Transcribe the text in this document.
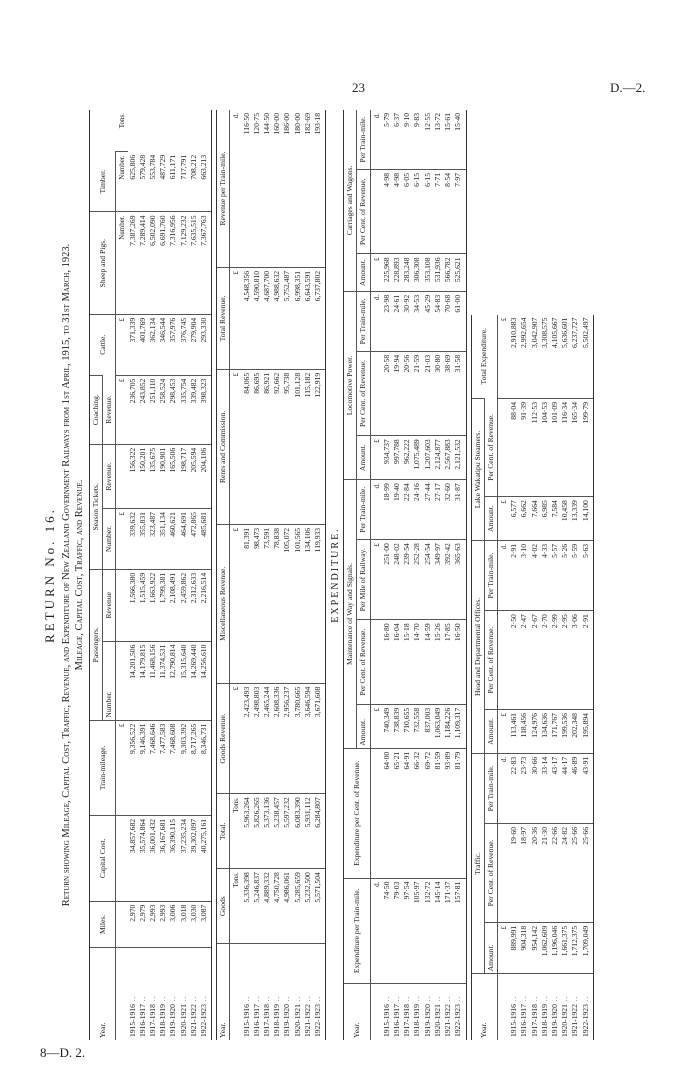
23	D.—2.
8—D. 2.
RETURN No. 16. Return showing Mileage, Capital Cost, Traffic, Revenue, and Expenditure of New Zealand Government Railways from 1st April, 1915, to 31st March, 1923. Mileage, Capital Cost, Traffic, and Revenue.
Year.	Miles.	Capital Cost.	Train-mileage.	Passengers.		Season Tickets.		Coaching.	Cattle.	Sheep and Pigs.	Timber.	
				Number.	Revenue	Number.	Revenue.	Revenue.				
			£			£		£	£	Number.	Number.	Tons.
1915-1916 ..	2,970	34,857,682	9,356,522	14,201,506	1,566,380	339,632	156,322	236,705	371,339	7,387,269	625,806	
1916-1917 ..	2,979	35,574,864	9,146,391	14,179,815	1,515,459	355,831	150,201	243,852	401,769	7,289,414	579,428	
1917-1918 ..	2,993	36,001,432	7,468,646	11,468,156	1,663,922	323,487	135,675	251,110	362,134	6,502,090	553,784	
1918-1919 ..	2,993	36,167,681	7,477,583	11,374,531	1,799,381	351,134	190,901	258,524	346,544	6,691,760	487,729	
1919-1920 ..	3,006	36,390,115	7,468,608	12,790,814	2,108,491	460,621	165,506	298,453	357,976	7,316,956	611,171	
1920-1921 ..	3,018	37,235,234	9,303,392	15,315,640	2,459,862	464,691	198,717	335,754	376,745	7,129,232	717,791	
1921-1922 ..	3,030	39,302,097	8,717,265	14,269,440	2,312,633	472,865	205,594	339,482	279,904	7,635,515	708,212	
1922-1923 ..	3,087	40,275,161	8,346,731	14,256,610	2,216,514	485,681	204,106	398,323	293,330	7,367,763	663,213	
Year.	Goods	Total.	Goods Revenue.	Miscellaneous Revenue.	Rents and Commission.	Total Revenue.	Revenue per Train-mile.
	Tons.	Tons.	£	£	£	£	d.
1915-1916 ..	5,336,398	5,963,264	2,423,493	81,391	84,065	4,548,356	116·50
1916-1917 ..	5,246,837	5,826,265	2,498,803	98,473	86,695	4,590,810	120·75
1917-1918 ..	4,889,332	5,373,136	2,465,244	73,591	86,921	4,687,700	144·50
1918-1919 ..	4,750,728	5,238,457	2,608,336	78,838	92,662	4,988,632	160·00
1919-1920 ..	4,986,061	5,597,232	2,956,237	105,072	95,738	5,752,487	186·00
1920-1921 ..	5,285,659	6,083,390	3,780,665	101,565	101,128	6,998,351	180·00
1921-1922 ..	5,232,500	5,931,112	3,646,594	134,106	115,182	6,643,591	182·69
1922-1923 ..	5,571,504	6,284,807	3,671,608	119,933	122,919	6,737,802	193·18
EXPENDITURE.
Year.	Expenditure per Train-mile.	Expenditure per Cent. of Revenue.	Maintenance of Way and Signals.				Locomotive Power.			Carriages and Wagons.		
			Amount.	Per Cent. of Revenue.	Per Mile of Railway.	Per Train-mile.	Amount.	Per Cent. of Revenue.	Per Train-mile.	Amount.	Per Cent. of Revenue.	Per Train-mile.
	d.		£		£	d.	£		d.	£		d.
1915-1916 ..	74·50	64·00	740,349	16·80	251·00	18·99	934,737	20·58	23·98	225,968	4·98	5·79
1916-1917 ..	79·03	65·21	738,839	16·04	248·02	19·40	997,788	19·94	24·61	228,893	4·98	6·37
1917-1918 ..	97·54	64·91	710,655	15·18	239·54	22·84	962,222	20·56	30·92	283,248	6·05	9·10
1918-1919 ..	105·97	66·32	732,558	14·70	252·28	24·16	1,075,489	21·59	34·53	306,308	6·15	9·83
1919-1920 ..	132·72	69·72	837,003	14·59	254·54	27·44	1,207,603	21·03	45·29	353,108	6·15	12·55
1920-1921 ..	145·14	81·59	1,063,049	15·26	349·97	27·17	2,124,877	30·80	54·83	531,936	7·71	13·72
1921-1922 ..	171·37	93·89	1,184,226	17·85	392·42	32·60	2,567,883	38·69	70·68	566,782	8·54	15·61
1922-1923 ..	157·81	81·79	1,109,317	16·50	365·63	31·87	2,121,532	31·58	61·00	525,621	7·97	15·40
Year.	Traffic.			Head and Departmental Offices.			Lake Wakatipu Steamers.		Total Expenditure.
	Amount.	Per Cent. of Revenue.	Per Train-mile.	Amount.	Per Cent. of Revenue.	Per Train-mile.	Amount.	Per Cent. of Revenue.	
	£		d.	£		d.	£		£
1915-1916 ..	889,991	19·60	22·83	113,461	2·50	2·91	6,577	88·04	2,910,883
1916-1917 ..	904,318	18·97	23·73	118,456	2·47	3·10	6,662	91·39	2,992,654
1917-1918 ..	954,142	20·36	30·66	124,976	2·67	4·02	7,664	112·53	3,042,907
1918-1919 ..	1,062,609	21·30	33·14	134,636	2·70	4·33	6,985	104·53	3,308,575
1919-1920 ..	1,196,046	22·66	43·17	171,767	2·99	5·57	7,584	101·09	4,105,667
1920-1921 ..	1,661,375	24·82	44·17	199,536	2·95	5·26	10,458	116·34	5,636,601
1921-1922 ..	1,712,375	25·66	46·89	202,348	3·06	5·59	13,339	165·34	6,237,727
1922-1923 ..	1,709,049	25·66	43·91	195,894	2·91	5·63	14,100	199·79	5,502,497
